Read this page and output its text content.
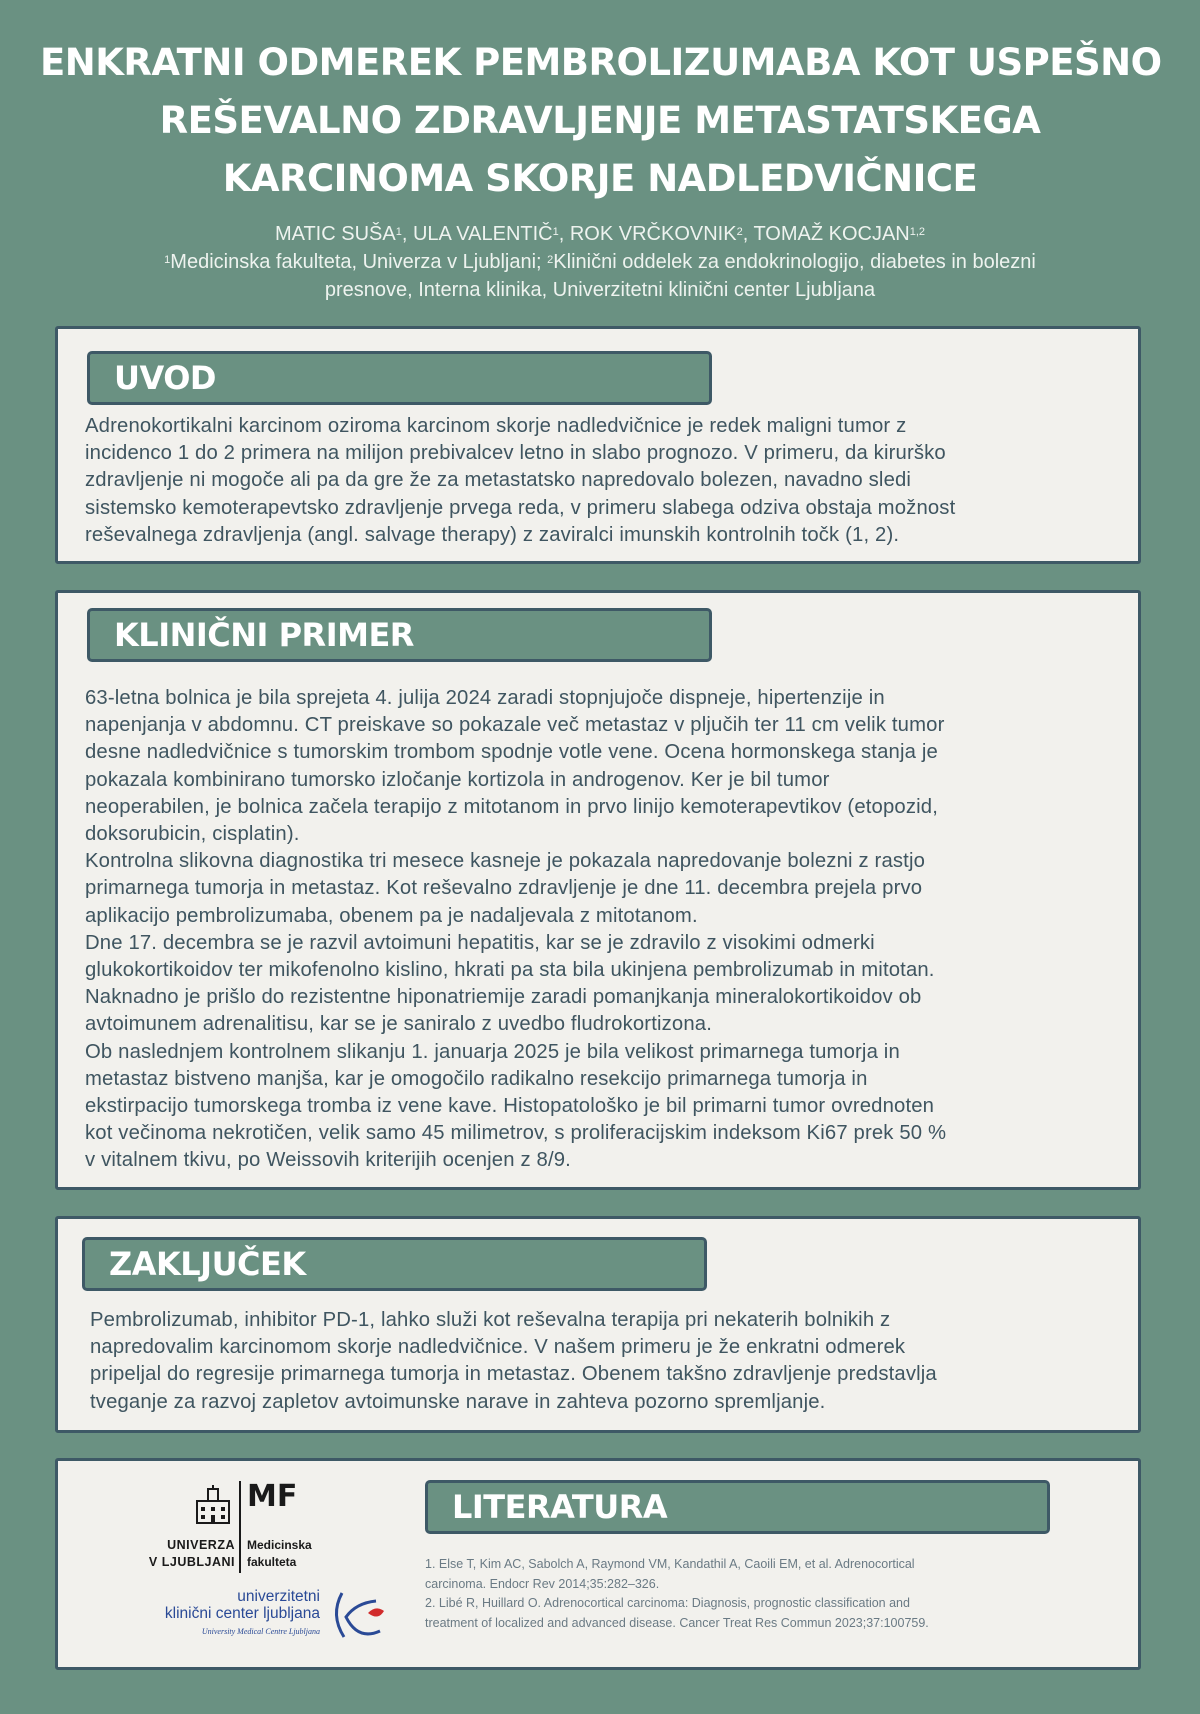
ENKRATNI ODMEREK PEMBROLIZUMABA KOT USPEŠNO
REŠEVALNO ZDRAVLJENJE METASTATSKEGA
KARCINOMA SKORJE NADLEDVIČNICE
MATIC SUŠA$^1$, ULA VALENTIČ$^1$, ROK VRČKOVNIK$^2$, TOMAŽ KOCJAN$^{1,2}$
$^1$Medicinska fakulteta, Univerza v Ljubljani; $^2$Klinični oddelek za endokrinologijo, diabetes in bolezni
presnove, Interna klinika, Univerzitetni klinični center Ljubljana
UVOD
Adrenokortikalni karcinom oziroma karcinom skorje nadledvičnice je redek maligni tumor z
incidenco 1 do 2 primera na milijon prebivalcev letno in slabo prognozo. V primeru, da kirurško
zdravljenje ni mogoče ali pa da gre že za metastatsko napredovalo bolezen, navadno sledi
sistemsko kemoterapevtsko zdravljenje prvega reda, v primeru slabega odziva obstaja možnost
reševalnega zdravljenja (angl. salvage therapy) z zaviralci imunskih kontrolnih točk (1, 2).
KLINIČNI PRIMER
63-letna bolnica je bila sprejeta 4. julija 2024 zaradi stopnjujoče dispneje, hipertenzije in
napenjanja v abdomnu. CT preiskave so pokazale več metastaz v pljučih ter 11 cm velik tumor
desne nadledvičnice s tumorskim trombom spodnje votle vene. Ocena hormonskega stanja je
pokazala kombinirano tumorsko izločanje kortizola in androgenov. Ker je bil tumor
neoperabilen, je bolnica začela terapijo z mitotanom in prvo linijo kemoterapevtikov (etopozid,
doksorubicin, cisplatin).
Kontrolna slikovna diagnostika tri mesece kasneje je pokazala napredovanje bolezni z rastjo
primarnega tumorja in metastaz. Kot reševalno zdravljenje je dne 11. decembra prejela prvo
aplikacijo pembrolizumaba, obenem pa je nadaljevala z mitotanom.
Dne 17. decembra se je razvil avtoimuni hepatitis, kar se je zdravilo z visokimi odmerki
glukokortikoidov ter mikofenolno kislino, hkrati pa sta bila ukinjena pembrolizumab in mitotan.
Naknadno je prišlo do rezistentne hiponatriemije zaradi pomanjkanja mineralokortikoidov ob
avtoimunem adrenalitisu, kar se je saniralo z uvedbo fludrokortizona.
Ob naslednjem kontrolnem slikanju 1. januarja 2025 je bila velikost primarnega tumorja in
metastaz bistveno manjša, kar je omogočilo radikalno resekcijo primarnega tumorja in
ekstirpacijo tumorskega tromba iz vene kave. Histopatološko je bil primarni tumor ovrednoten
kot večinoma nekrotičen, velik samo 45 milimetrov, s proliferacijskim indeksom Ki67 prek 50 %
v vitalnem tkivu, po Weissovih kriterijih ocenjen z 8/9.
ZAKLJUČEK
Pembrolizumab, inhibitor PD-1, lahko služi kot reševalna terapija pri nekaterih bolnikih z
napredovalim karcinomom skorje nadledvičnice. V našem primeru je že enkratni odmerek
pripeljal do regresije primarnega tumorja in metastaz. Obenem takšno zdravljenje predstavlja
tveganje za razvoj zapletov avtoimunske narave in zahteva pozorno spremljanje.
MF
UNIVERZA
V LJUBLJANI
Medicinska
fakulteta
univerzitetni
klinični center ljubljana
University Medical Centre Ljubljana
LITERATURA
1. Else T, Kim AC, Sabolch A, Raymond VM, Kandathil A, Caoili EM, et al. Adrenocortical
carcinoma. Endocr Rev 2014;35:282–326.
2. Libé R, Huillard O. Adrenocortical carcinoma: Diagnosis, prognostic classification and
treatment of localized and advanced disease. Cancer Treat Res Commun 2023;37:100759.
